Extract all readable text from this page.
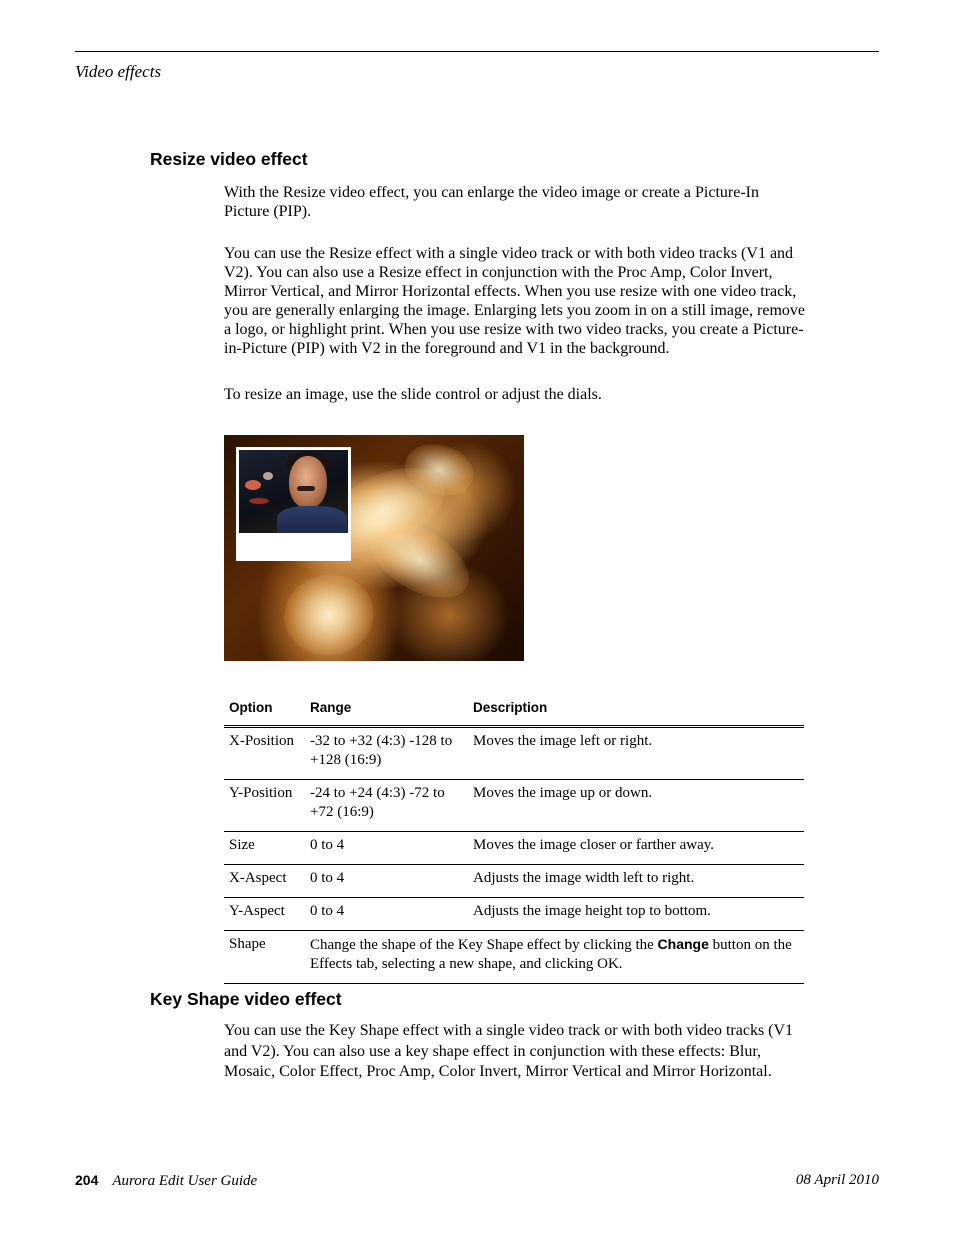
Video effects
Resize video effect

With the Resize video effect, you can enlarge the video image or create a Picture-In Picture (PIP).

You can use the Resize effect with a single video track or with both video tracks (V1 and V2). You can also use a Resize effect in conjunction with the Proc Amp, Color Invert, Mirror Vertical, and Mirror Horizontal effects. When you use resize with one video track, you are generally enlarging the image. Enlarging lets you zoom in on a still image, remove a logo, or highlight print. When you use resize with two video tracks, you create a Picture-in-Picture (PIP) with V2 in the foreground and V1 in the background.

To resize an image, use the slide control or adjust the dials.

Option	Range	Description
X-Position	-32 to +32 (4:3) -128 to +128 (16:9)	Moves the image left or right.
Y-Position	-24 to +24 (4:3) -72 to +72 (16:9)	Moves the image up or down.
Size	0 to 4	Moves the image closer or farther away.
X-Aspect	0 to 4	Adjusts the image width left to right.
Y-Aspect	0 to 4	Adjusts the image height top to bottom.
Shape	Change the shape of the Key Shape effect by clicking the Change button on the Effects tab, selecting a new shape, and clicking OK.	
Key Shape video effect

You can use the Key Shape effect with a single video track or with both video tracks (V1 and V2). You can also use a key shape effect in conjunction with these effects: Blur, Mosaic, Color Effect, Proc Amp, Color Invert, Mirror Vertical and Mirror Horizontal.

204 Aurora Edit User Guide	08 April 2010
